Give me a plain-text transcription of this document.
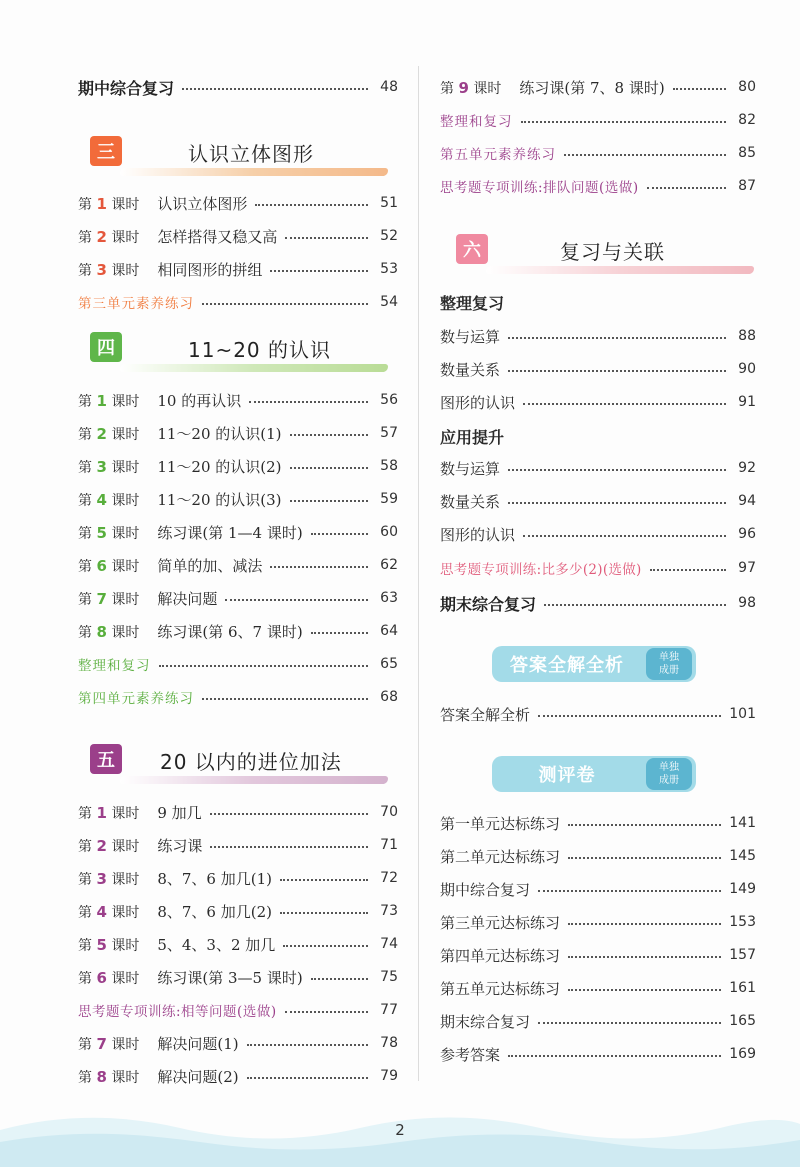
期中综合复习	48
三	认识立体图形
第 1 课时 认识立体图形	51
第 2 课时 怎样搭得又稳又高	52
第 3 课时 相同图形的拼组	53
第三单元素养练习	54
四	11~20 的认识
第 1 课时 10 的再认识	56
第 2 课时 11～20 的认识(1)	57
第 3 课时 11～20 的认识(2)	58
第 4 课时 11～20 的认识(3)	59
第 5 课时 练习课(第 1—4 课时)	60
第 6 课时 简单的加、减法	62
第 7 课时 解决问题	63
第 8 课时 练习课(第 6、7 课时)	64
整理和复习	65
第四单元素养练习	68
五	20 以内的进位加法
第 1 课时 9 加几	70
第 2 课时 练习课	71
第 3 课时 8、7、6 加几(1)	72
第 4 课时 8、7、6 加几(2)	73
第 5 课时 5、4、3、2 加几	74
第 6 课时 练习课(第 3—5 课时)	75
思考题专项训练:相等问题(选做)	77
第 7 课时 解决问题(1)	78
第 8 课时 解决问题(2)	79
第 9 课时 练习课(第 7、8 课时)	80
整理和复习	82
第五单元素养练习	85
思考题专项训练:排队问题(选做)	87
六	复习与关联
整理复习
数与运算	88
数量关系	90
图形的认识	91
应用提升
数与运算	92
数量关系	94
图形的认识	96
思考题专项训练:比多少(2)(选做)	97
期末综合复习	98
答案全解全析	单独
成册
答案全解全析	101
测评卷	单独
成册
第一单元达标练习	141
第二单元达标练习	145
期中综合复习	149
第三单元达标练习	153
第四单元达标练习	157
第五单元达标练习	161
期末综合复习	165
参考答案	169
2
